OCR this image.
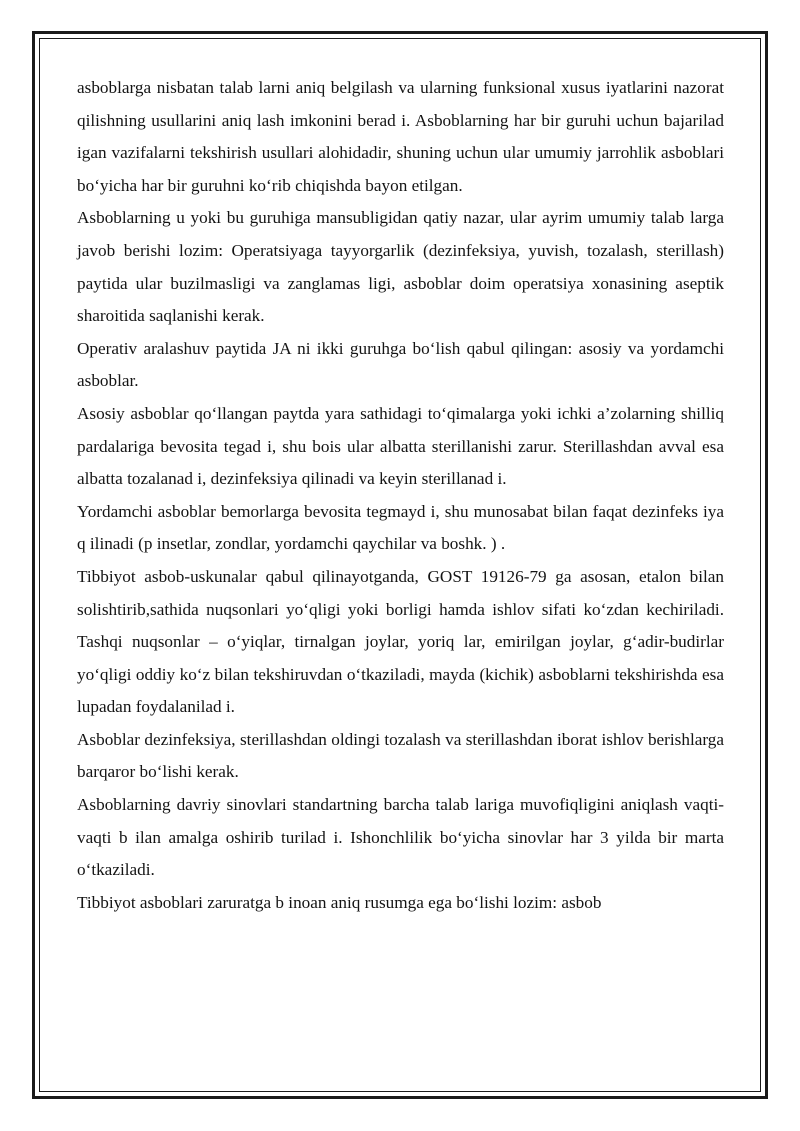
asboblarga nisbatan talab larni aniq belgilash va ularning funksional xusus iyatlarini nazorat qilishning usullarini aniq lash imkonini berad i. Asboblarning har bir guruhi uchun bajarilad igan vazifalarni tekshirish usullari alohidadir, shuning uchun ular umumiy jarrohlik asboblari bo‘yicha har bir guruhni ko‘rib chiqishda bayon etilgan.

Asboblarning u yoki bu guruhiga mansubligidan qatiy nazar, ular ayrim umumiy talab larga javob berishi lozim: Operatsiyaga tayyorgarlik (dezinfeksiya, yuvish, tozalash, sterillash) paytida ular buzilmasligi va zanglamas ligi, asboblar doim operatsiya xonasining aseptik sharoitida saqlanishi kerak.

Operativ aralashuv paytida JA ni ikki guruhga bo‘lish qabul qilingan: asosiy va yordamchi asboblar.

Asosiy asboblar qo‘llangan paytda yara sathidagi to‘qimalarga yoki ichki a’zolarning shilliq pardalariga bevosita tegad i, shu bois ular albatta sterillanishi zarur. Sterillashdan avval esa albatta tozalanad i, dezinfeksiya qilinadi va keyin sterillanad i.

Yordamchi asboblar bemorlarga bevosita tegmayd i, shu munosabat bilan faqat dezinfeks iya q ilinadi (p insetlar, zondlar, yordamchi qaychilar va boshk. ) .

Tibbiyot asbob-uskunalar qabul qilinayotganda, GOST 19126-79 ga asosan, etalon bilan solishtirib,sathida nuqsonlari yo‘qligi yoki borligi hamda ishlov sifati ko‘zdan kechiriladi. Tashqi nuqsonlar – o‘yiqlar, tirnalgan joylar, yoriq lar, emirilgan joylar, g‘adir-budirlar yo‘qligi oddiy ko‘z bilan tekshiruvdan o‘tkaziladi, mayda (kichik) asboblarni tekshirishda esa lupadan foydalanilad i.

Asboblar dezinfeksiya, sterillashdan oldingi tozalash va sterillashdan iborat ishlov berishlarga barqaror bo‘lishi kerak.

Asboblarning davriy sinovlari standartning barcha talab lariga muvofiqligini aniqlash vaqti-vaqti b ilan amalga oshirib turilad i. Ishonchlilik bo‘yicha sinovlar har 3 yilda bir marta o‘tkaziladi.

Tibbiyot asboblari zaruratga b inoan aniq rusumga ega bo‘lishi lozim: asbob
